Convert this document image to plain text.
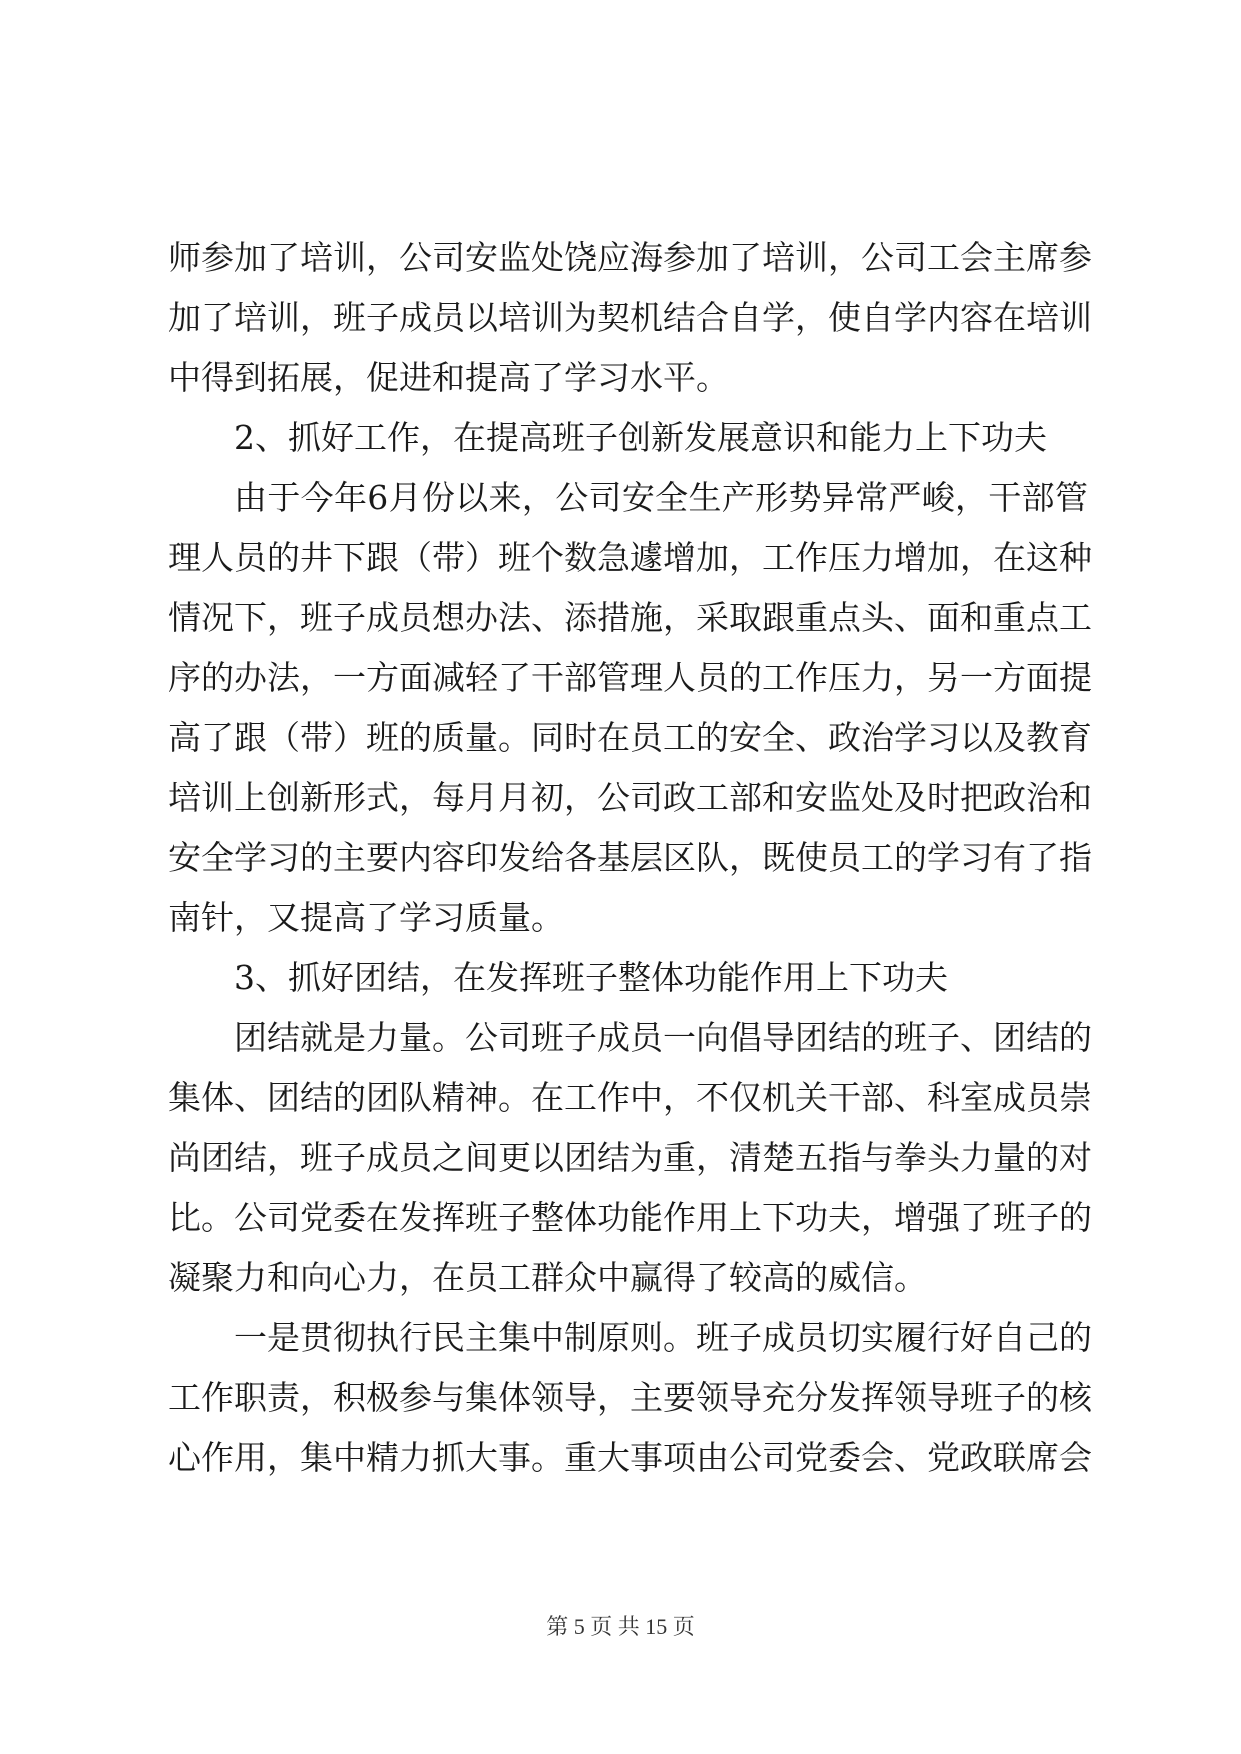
师参加了培训，公司安监处饶应海参加了培训，公司工会主席参
加了培训，班子成员以培训为契机结合自学，使自学内容在培训
中得到拓展，促进和提高了学习水平。
2、抓好工作，在提高班子创新发展意识和能力上下功夫
由于今年6月份以来，公司安全生产形势异常严峻，干部管
理人员的井下跟（带）班个数急遽增加，工作压力增加，在这种
情况下，班子成员想办法、添措施，采取跟重点头、面和重点工
序的办法，一方面减轻了干部管理人员的工作压力，另一方面提
高了跟（带）班的质量。同时在员工的安全、政治学习以及教育
培训上创新形式，每月月初，公司政工部和安监处及时把政治和
安全学习的主要内容印发给各基层区队，既使员工的学习有了指
南针，又提高了学习质量。
3、抓好团结，在发挥班子整体功能作用上下功夫
团结就是力量。公司班子成员一向倡导团结的班子、团结的
集体、团结的团队精神。在工作中，不仅机关干部、科室成员崇
尚团结，班子成员之间更以团结为重，清楚五指与拳头力量的对
比。公司党委在发挥班子整体功能作用上下功夫，增强了班子的
凝聚力和向心力，在员工群众中赢得了较高的威信。
一是贯彻执行民主集中制原则。班子成员切实履行好自己的
工作职责，积极参与集体领导，主要领导充分发挥领导班子的核
心作用，集中精力抓大事。重大事项由公司党委会、党政联席会
第 5 页 共 15 页
